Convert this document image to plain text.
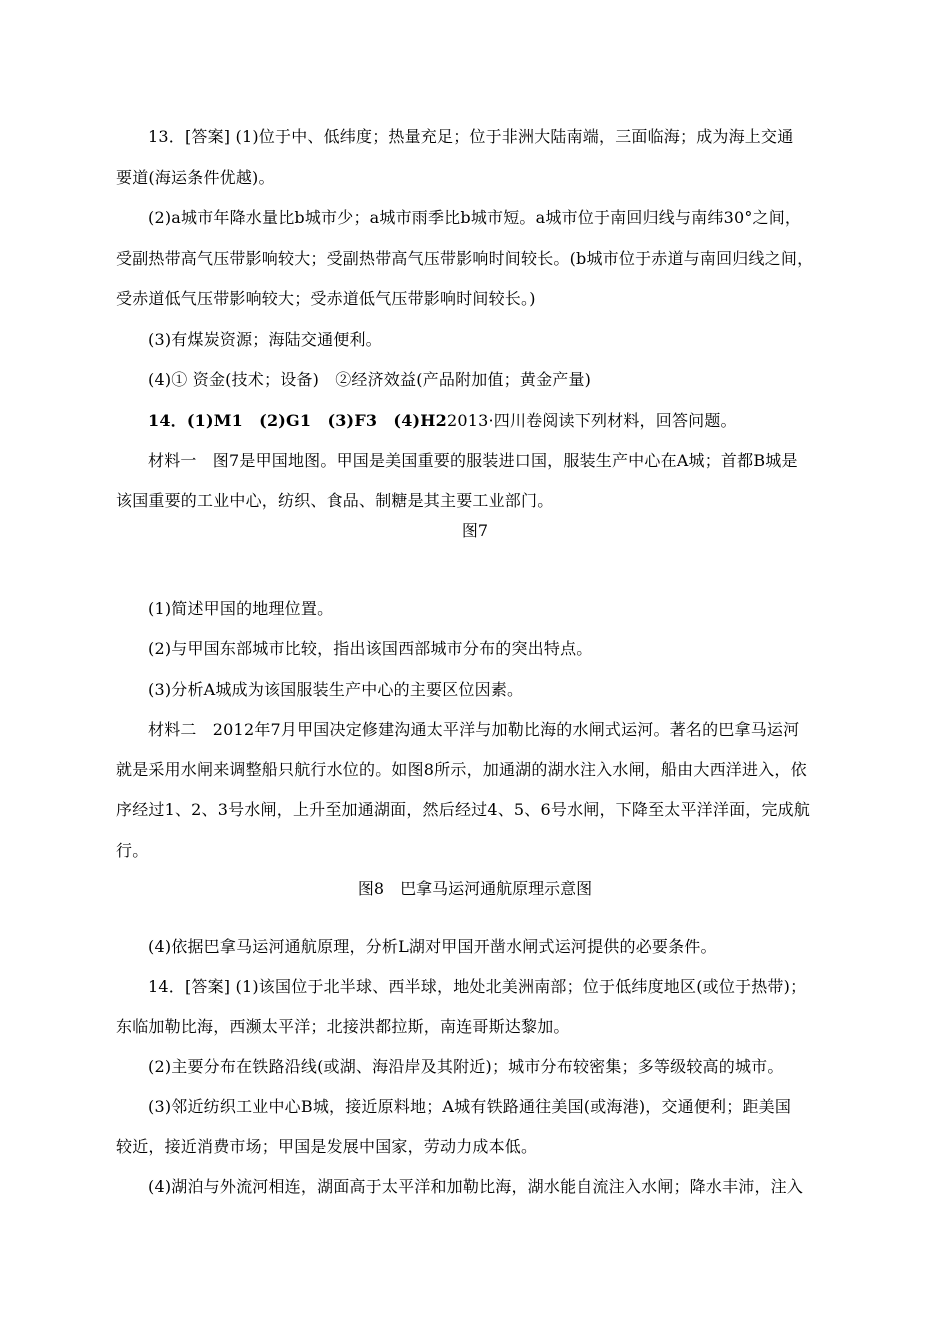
13．[答案] (1)位于中、低纬度；热量充足；位于非洲大陆南端，三面临海；成为海上交通
要道(海运条件优越)。
(2)a城市年降水量比b城市少；a城市雨季比b城市短。a城市位于南回归线与南纬30°之间，
受副热带高气压带影响较大；受副热带高气压带影响时间较长。(b城市位于赤道与南回归线之间，
受赤道低气压带影响较大；受赤道低气压带影响时间较长。)
(3)有煤炭资源；海陆交通便利。
(4)① 资金(技术；设备)　②经济效益(产品附加值；黄金产量)
14．(1)M1　(2)G1　(3)F3　(4)H22013·四川卷阅读下列材料，回答问题。
材料一　图7是甲国地图。甲国是美国重要的服装进口国，服装生产中心在A城；首都B城是
该国重要的工业中心，纺织、食品、制糖是其主要工业部门。
图7
(1)简述甲国的地理位置。
(2)与甲国东部城市比较，指出该国西部城市分布的突出特点。
(3)分析A城成为该国服装生产中心的主要区位因素。
材料二　2012年7月甲国决定修建沟通太平洋与加勒比海的水闸式运河。著名的巴拿马运河
就是采用水闸来调整船只航行水位的。如图8所示，加通湖的湖水注入水闸，船由大西洋进入，依
序经过1、2、3号水闸，上升至加通湖面，然后经过4、5、6号水闸，下降至太平洋洋面，完成航
行。
图8　巴拿马运河通航原理示意图
(4)依据巴拿马运河通航原理，分析L湖对甲国开凿水闸式运河提供的必要条件。
14．[答案] (1)该国位于北半球、西半球，地处北美洲南部；位于低纬度地区(或位于热带)；
东临加勒比海，西濒太平洋；北接洪都拉斯，南连哥斯达黎加。
(2)主要分布在铁路沿线(或湖、海沿岸及其附近)；城市分布较密集；多等级较高的城市。
(3)邻近纺织工业中心B城，接近原料地；A城有铁路通往美国(或海港)，交通便利；距美国
较近，接近消费市场；甲国是发展中国家，劳动力成本低。
(4)湖泊与外流河相连，湖面高于太平洋和加勒比海，湖水能自流注入水闸；降水丰沛，注入
